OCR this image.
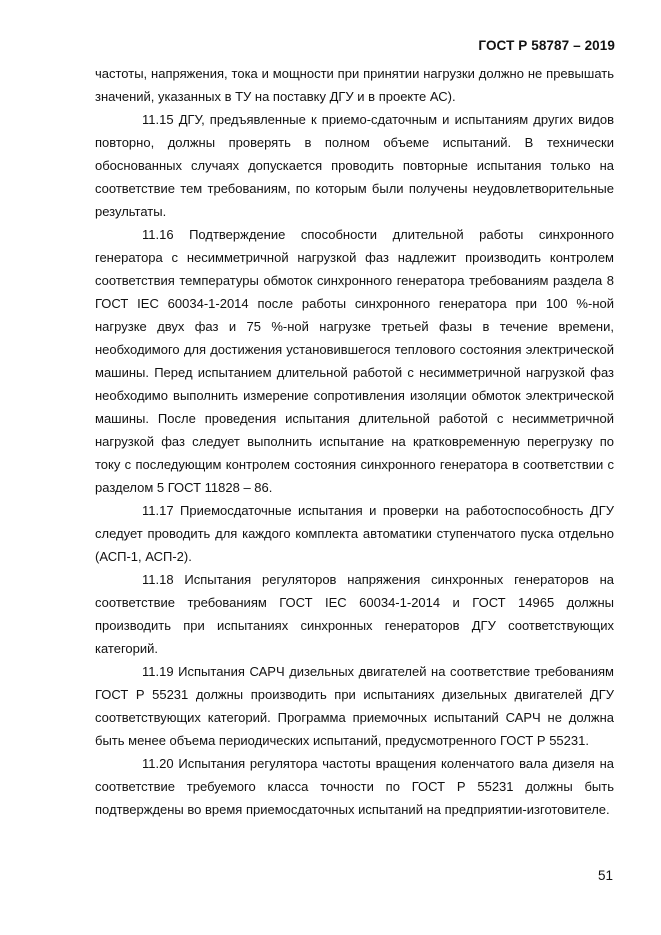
ГОСТ Р 58787 – 2019

частоты, напряжения, тока и мощности при принятии нагрузки должно не превышать значений, указанных в ТУ на поставку ДГУ и в проекте АС).

11.15 ДГУ, предъявленные к приемо-сдаточным и испытаниям других видов повторно, должны проверять в полном объеме испытаний. В технически обоснованных случаях допускается проводить повторные испытания только на соответствие тем требованиям, по которым были получены неудовлетворительные результаты.

11.16 Подтверждение способности длительной работы синхронного генератора с несимметричной нагрузкой фаз надлежит производить контролем соответствия температуры обмоток синхронного генератора требованиям раздела 8 ГОСТ IEC 60034-1-2014 после работы синхронного генератора при 100 %-ной нагрузке двух фаз и 75 %-ной нагрузке третьей фазы в течение времени, необходимого для достижения установившегося теплового состояния электрической машины. Перед испытанием длительной работой с несимметричной нагрузкой фаз необходимо выполнить измерение сопротивления изоляции обмоток электрической машины. После проведения испытания длительной работой с несимметричной нагрузкой фаз следует выполнить испытание на кратковременную перегрузку по току с последующим контролем состояния синхронного генератора в соответствии с разделом 5 ГОСТ 11828 – 86.

11.17 Приемосдаточные испытания и проверки на работоспособность ДГУ следует проводить для каждого комплекта автоматики ступенчатого пуска отдельно (АСП-1, АСП-2).

11.18 Испытания регуляторов напряжения синхронных генераторов на соответствие требованиям ГОСТ IEC 60034-1-2014 и ГОСТ 14965 должны производить при испытаниях синхронных генераторов ДГУ соответствующих категорий.

11.19 Испытания САРЧ дизельных двигателей на соответствие требованиям ГОСТ Р 55231 должны производить при испытаниях дизельных двигателей ДГУ соответствующих категорий. Программа приемочных испытаний САРЧ не должна быть менее объема периодических испытаний, предусмотренного ГОСТ Р 55231.

11.20 Испытания регулятора частоты вращения коленчатого вала дизеля на соответствие требуемого класса точности по ГОСТ Р 55231 должны быть подтверждены во время приемосдаточных испытаний на предприятии-изготовителе.

51
